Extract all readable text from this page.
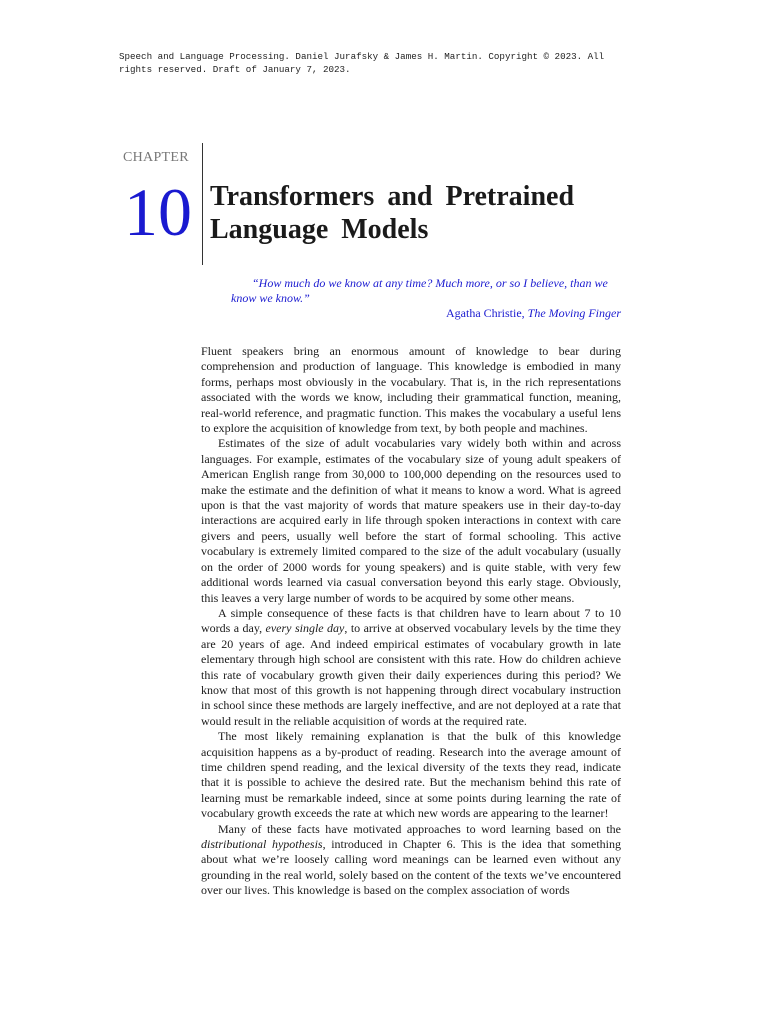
Speech and Language Processing. Daniel Jurafsky & James H. Martin. Copyright © 2023. All
rights reserved. Draft of January 7, 2023.
CHAPTER
10 Transformers and Pretrained Language Models

“How much do we know at any time? Much more, or so I believe, than we know we know.”

Agatha Christie, The Moving Finger

Fluent speakers bring an enormous amount of knowledge to bear during comprehension and production of language. This knowledge is embodied in many forms, perhaps most obviously in the vocabulary. That is, in the rich representations associated with the words we know, including their grammatical function, meaning, real-world reference, and pragmatic function. This makes the vocabulary a useful lens to explore the acquisition of knowledge from text, by both people and machines.

Estimates of the size of adult vocabularies vary widely both within and across languages. For example, estimates of the vocabulary size of young adult speakers of American English range from 30,000 to 100,000 depending on the resources used to make the estimate and the definition of what it means to know a word. What is agreed upon is that the vast majority of words that mature speakers use in their day-to-day interactions are acquired early in life through spoken interactions in context with care givers and peers, usually well before the start of formal schooling. This active vocabulary is extremely limited compared to the size of the adult vocabulary (usually on the order of 2000 words for young speakers) and is quite stable, with very few additional words learned via casual conversation beyond this early stage. Obviously, this leaves a very large number of words to be acquired by some other means.

A simple consequence of these facts is that children have to learn about 7 to 10 words a day, every single day, to arrive at observed vocabulary levels by the time they are 20 years of age. And indeed empirical estimates of vocabulary growth in late elementary through high school are consistent with this rate. How do children achieve this rate of vocabulary growth given their daily experiences during this period? We know that most of this growth is not happening through direct vocabulary instruction in school since these methods are largely ineffective, and are not deployed at a rate that would result in the reliable acquisition of words at the required rate.

The most likely remaining explanation is that the bulk of this knowledge acquisition happens as a by-product of reading. Research into the average amount of time children spend reading, and the lexical diversity of the texts they read, indicate that it is possible to achieve the desired rate. But the mechanism behind this rate of learning must be remarkable indeed, since at some points during learning the rate of vocabulary growth exceeds the rate at which new words are appearing to the learner!

Many of these facts have motivated approaches to word learning based on the distributional hypothesis, introduced in Chapter 6. This is the idea that something about what we’re loosely calling word meanings can be learned even without any grounding in the real world, solely based on the content of the texts we’ve encountered over our lives. This knowledge is based on the complex association of words
